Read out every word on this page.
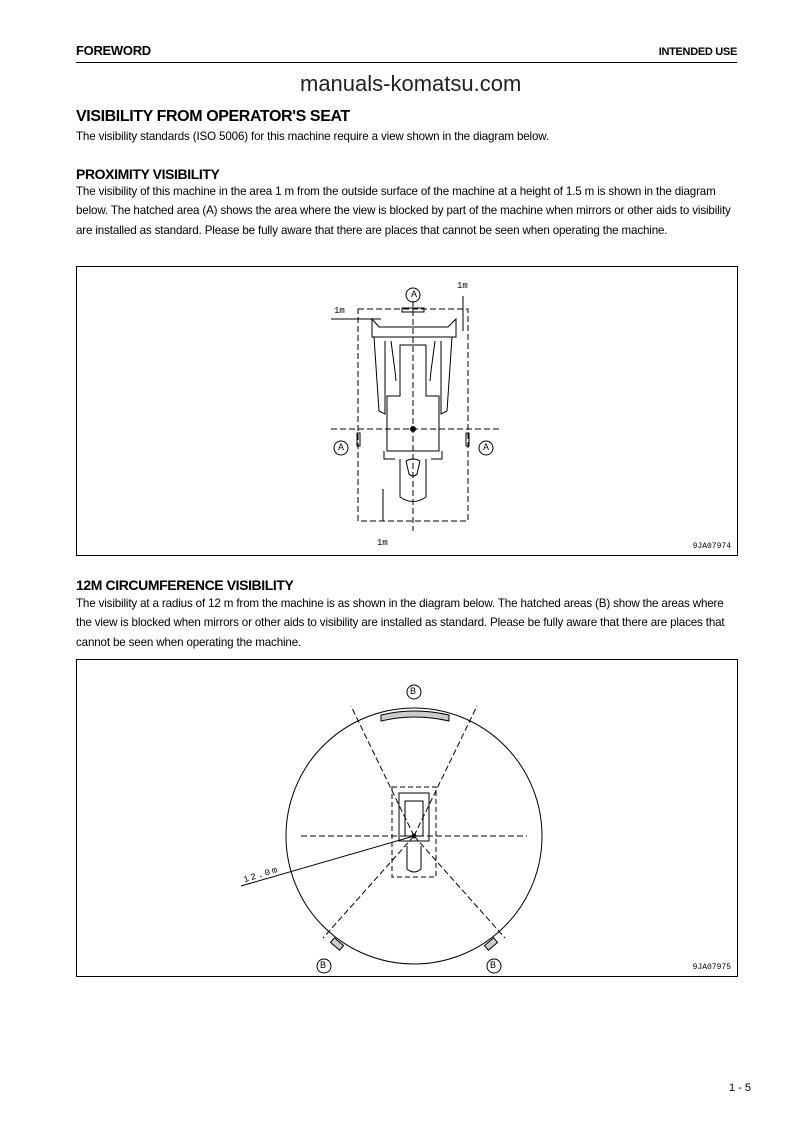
FOREWORD	INTENDED USE
manuals-komatsu.com
VISIBILITY FROM OPERATOR'S SEAT
The visibility standards (ISO 5006) for this machine require a view shown in the diagram below.
PROXIMITY VISIBILITY
The visibility of this machine in the area 1 m from the outside surface of the machine at a height of 1.5 m is shown in the diagram below. The hatched area (A) shows the area where the view is blocked by part of the machine when mirrors or other aids to visibility are installed as standard. Please be fully aware that there are places that cannot be seen when operating the machine.
A
A	A
1m
1m
1m	9JA07974
12M CIRCUMFERENCE VISIBILITY
The visibility at a radius of 12 m from the machine is as shown in the diagram below. The hatched areas (B) show the areas where the view is blocked when mirrors or other aids to visibility are installed as standard. Please be fully aware that there are places that cannot be seen when operating the machine.
B
B	B
12.0m
9JA07975
1 - 5
